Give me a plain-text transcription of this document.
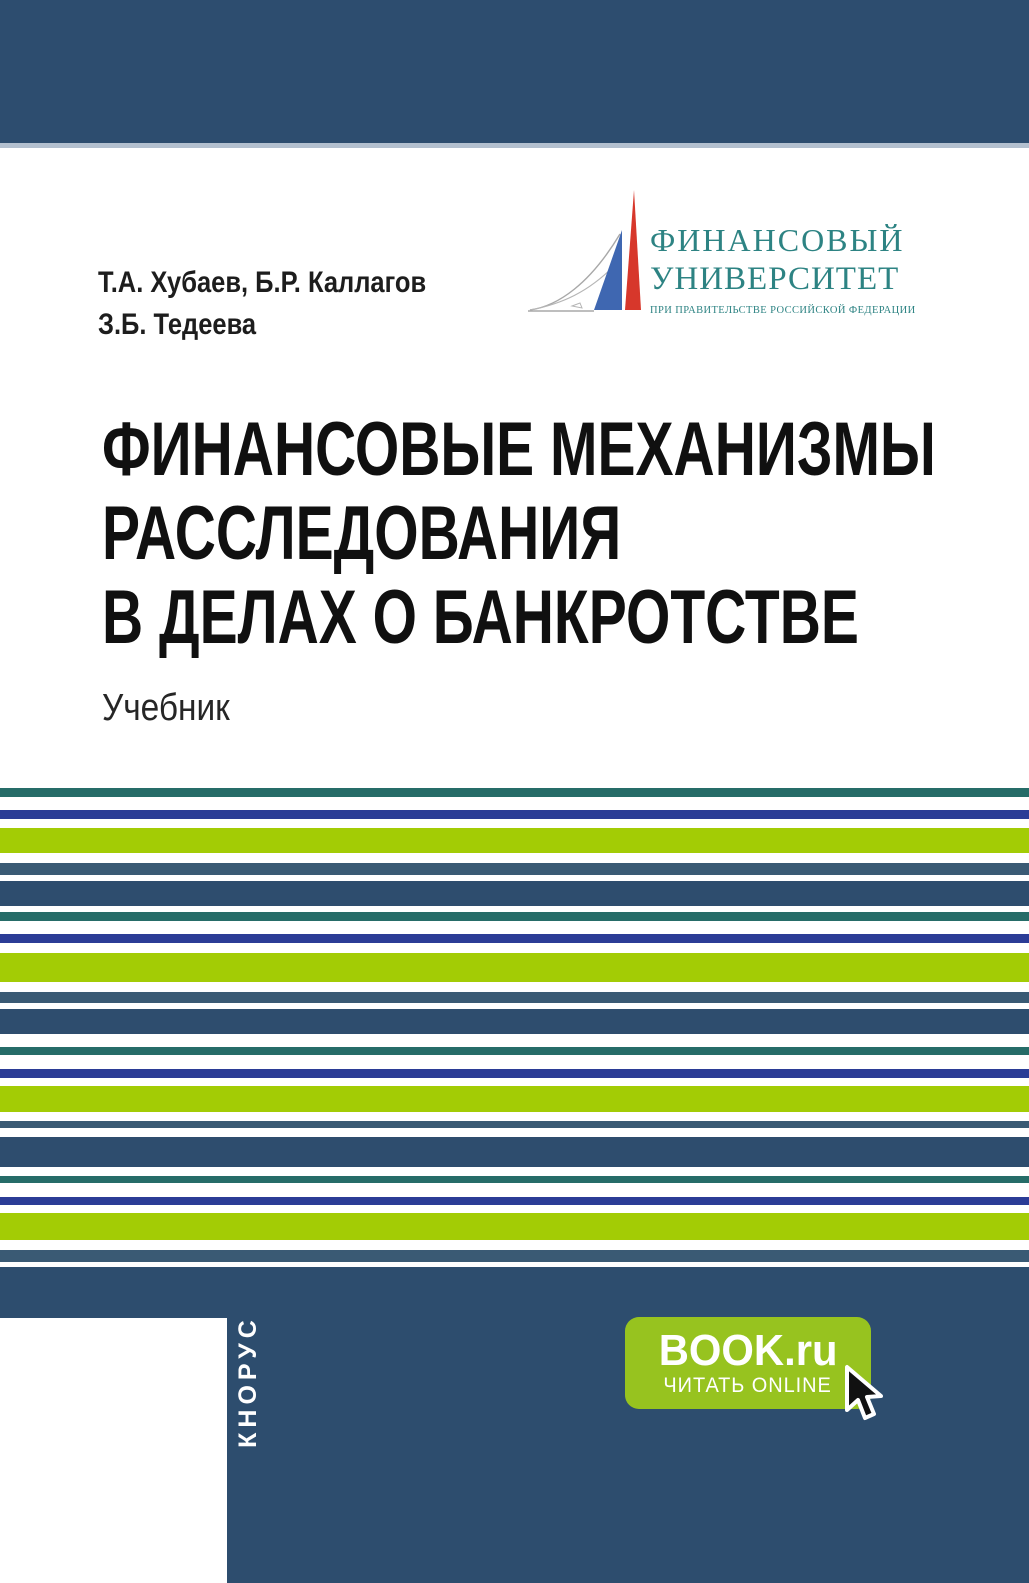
Т.А. Хубаев, Б.Р. Каллагов
З.Б. Тедеева
ФИНАНСОВЫЙ
УНИВЕРСИТЕТ
ПРИ ПРАВИТЕЛЬСТВЕ РОССИЙСКОЙ ФЕДЕРАЦИИ
ФИНАНСОВЫЕ МЕХАНИЗМЫ
РАССЛЕДОВАНИЯ
В ДЕЛАХ О БАНКРОТСТВЕ
Учебник
КНОРУС	BOOK.ru
ЧИТАТЬ ONLINE
